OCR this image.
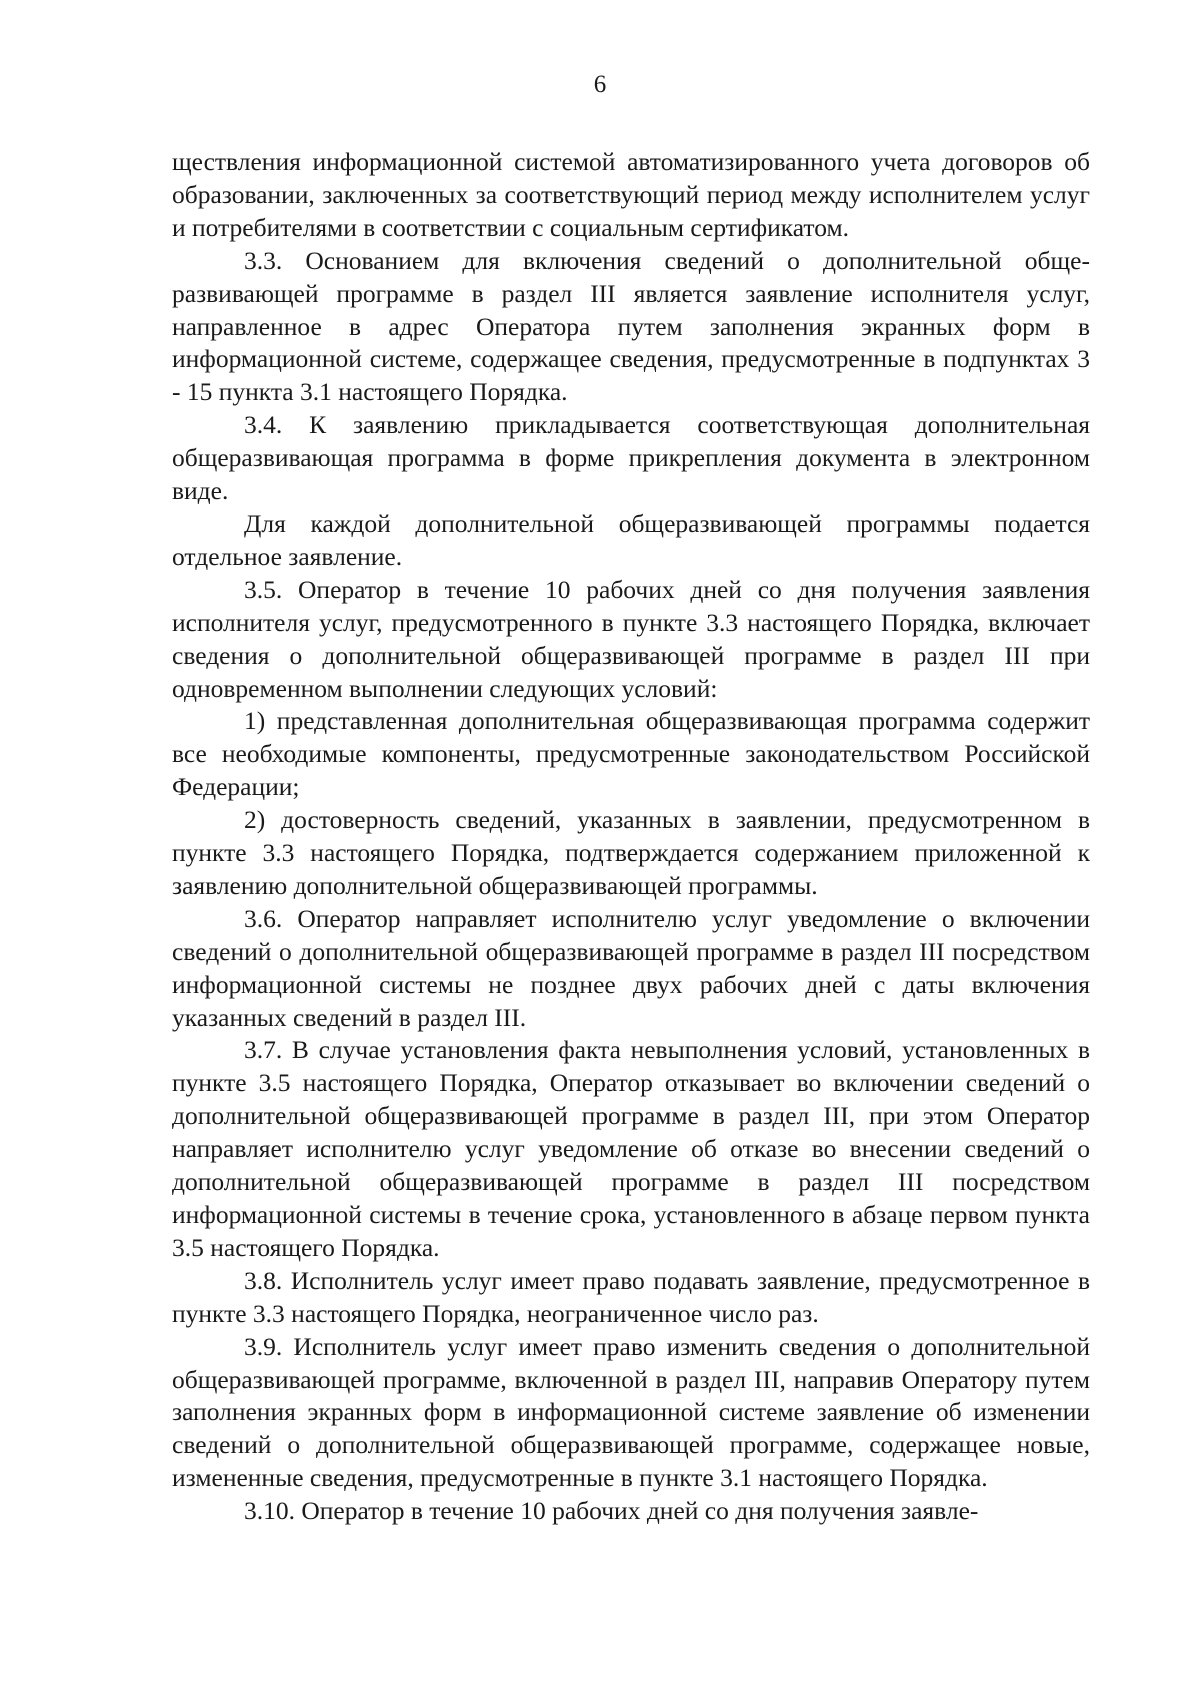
6

ществления информационной системой автоматизированного учета договоров об образовании, заключенных за соответствующий период между исполнителем услуг и потребителями в соответствии с социальным сертификатом.

3.3. Основанием для включения сведений о дополнительной общеразвивающей программе в раздел III является заявление исполнителя услуг, направленное в адрес Оператора путем заполнения экранных форм в информационной системе, содержащее сведения, предусмотренные в подпунктах 3 - 15 пункта 3.1 настоящего Порядка.

3.4. К заявлению прикладывается соответствующая дополнительная общеразвивающая программа в форме прикрепления документа в электронном виде.

Для каждой дополнительной общеразвивающей программы подается отдельное заявление.

3.5. Оператор в течение 10 рабочих дней со дня получения заявления исполнителя услуг, предусмотренного в пункте 3.3 настоящего Порядка, включает сведения о дополнительной общеразвивающей программе в раздел III при одновременном выполнении следующих условий:

1) представленная дополнительная общеразвивающая программа содержит все необходимые компоненты, предусмотренные законодательством Российской Федерации;

2) достоверность сведений, указанных в заявлении, предусмотренном в пункте 3.3 настоящего Порядка, подтверждается содержанием приложенной к заявлению дополнительной общеразвивающей программы.

3.6. Оператор направляет исполнителю услуг уведомление о включении сведений о дополнительной общеразвивающей программе в раздел III посредством информационной системы не позднее двух рабочих дней с даты включения указанных сведений в раздел III.

3.7. В случае установления факта невыполнения условий, установленных в пункте 3.5 настоящего Порядка, Оператор отказывает во включении сведений о дополнительной общеразвивающей программе в раздел III, при этом Оператор направляет исполнителю услуг уведомление об отказе во внесении сведений о дополнительной общеразвивающей программе в раздел III посредством информационной системы в течение срока, установленного в абзаце первом пункта 3.5 настоящего Порядка.

3.8. Исполнитель услуг имеет право подавать заявление, предусмотренное в пункте 3.3 настоящего Порядка, неограниченное число раз.

3.9. Исполнитель услуг имеет право изменить сведения о дополнительной общеразвивающей программе, включенной в раздел III, направив Оператору путем заполнения экранных форм в информационной системе заявление об изменении сведений о дополнительной общеразвивающей программе, содержащее новые, измененные сведения, предусмотренные в пункте 3.1 настоящего Порядка.

3.10. Оператор в течение 10 рабочих дней со дня получения заявле-
